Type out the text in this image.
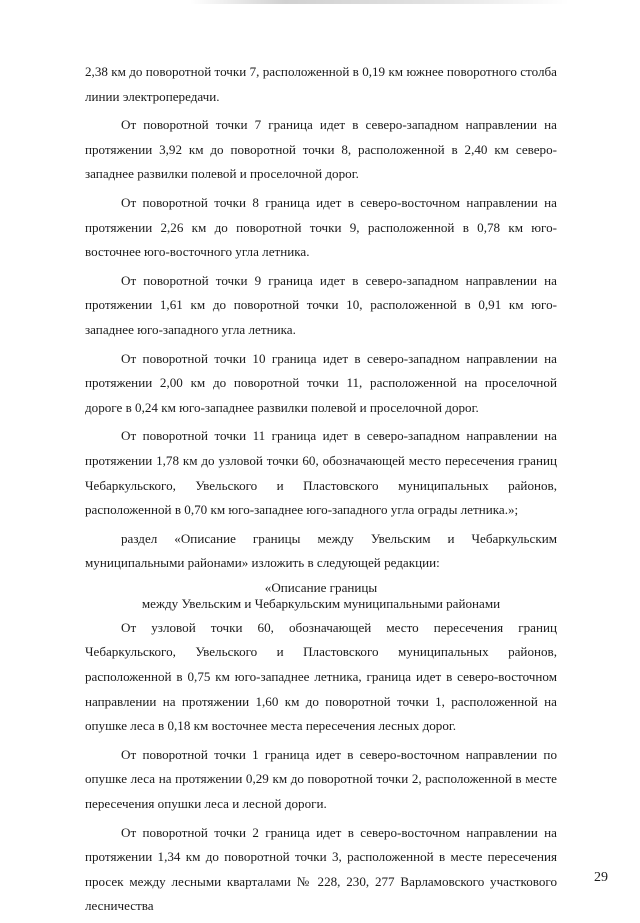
2,38 км до поворотной точки 7, расположенной в 0,19 км южнее поворотного столба линии электропередачи.

От поворотной точки 7 граница идет в северо-западном направлении на протяжении 3,92 км до поворотной точки 8, расположенной в 2,40 км северо-западнее развилки полевой и проселочной дорог.

От поворотной точки 8 граница идет в северо-восточном направлении на протяжении 2,26 км до поворотной точки 9, расположенной в 0,78 км юго-восточнее юго-восточного угла летника.

От поворотной точки 9 граница идет в северо-западном направлении на протяжении 1,61 км до поворотной точки 10, расположенной в 0,91 км юго-западнее юго-западного угла летника.

От поворотной точки 10 граница идет в северо-западном направлении на протяжении 2,00 км до поворотной точки 11, расположенной на проселочной дороге в 0,24 км юго-западнее развилки полевой и проселочной дорог.

От поворотной точки 11 граница идет в северо-западном направлении на протяжении 1,78 км до узловой точки 60, обозначающей место пересечения границ Чебаркульского, Увельского и Пластовского муниципальных районов, расположенной в 0,70 км юго-западнее юго-западного угла ограды летника.»;

раздел «Описание границы между Увельским и Чебаркульским муниципальными районами» изложить в следующей редакции:

«Описание границы

между Увельским и Чебаркульским муниципальными районами

От узловой точки 60, обозначающей место пересечения границ Чебаркульского, Увельского и Пластовского муниципальных районов, расположенной в 0,75 км юго-западнее летника, граница идет в северо-восточном направлении на протяжении 1,60 км до поворотной точки 1, расположенной на опушке леса в 0,18 км восточнее места пересечения лесных дорог.

От поворотной точки 1 граница идет в северо-восточном направлении по опушке леса на протяжении 0,29 км до поворотной точки 2, расположенной в месте пересечения опушки леса и лесной дороги.

От поворотной точки 2 граница идет в северо-восточном направлении на протяжении 1,34 км до поворотной точки 3, расположенной в месте пересечения просек между лесными кварталами № 228, 230, 277 Варламовского участкового лесничества

29
